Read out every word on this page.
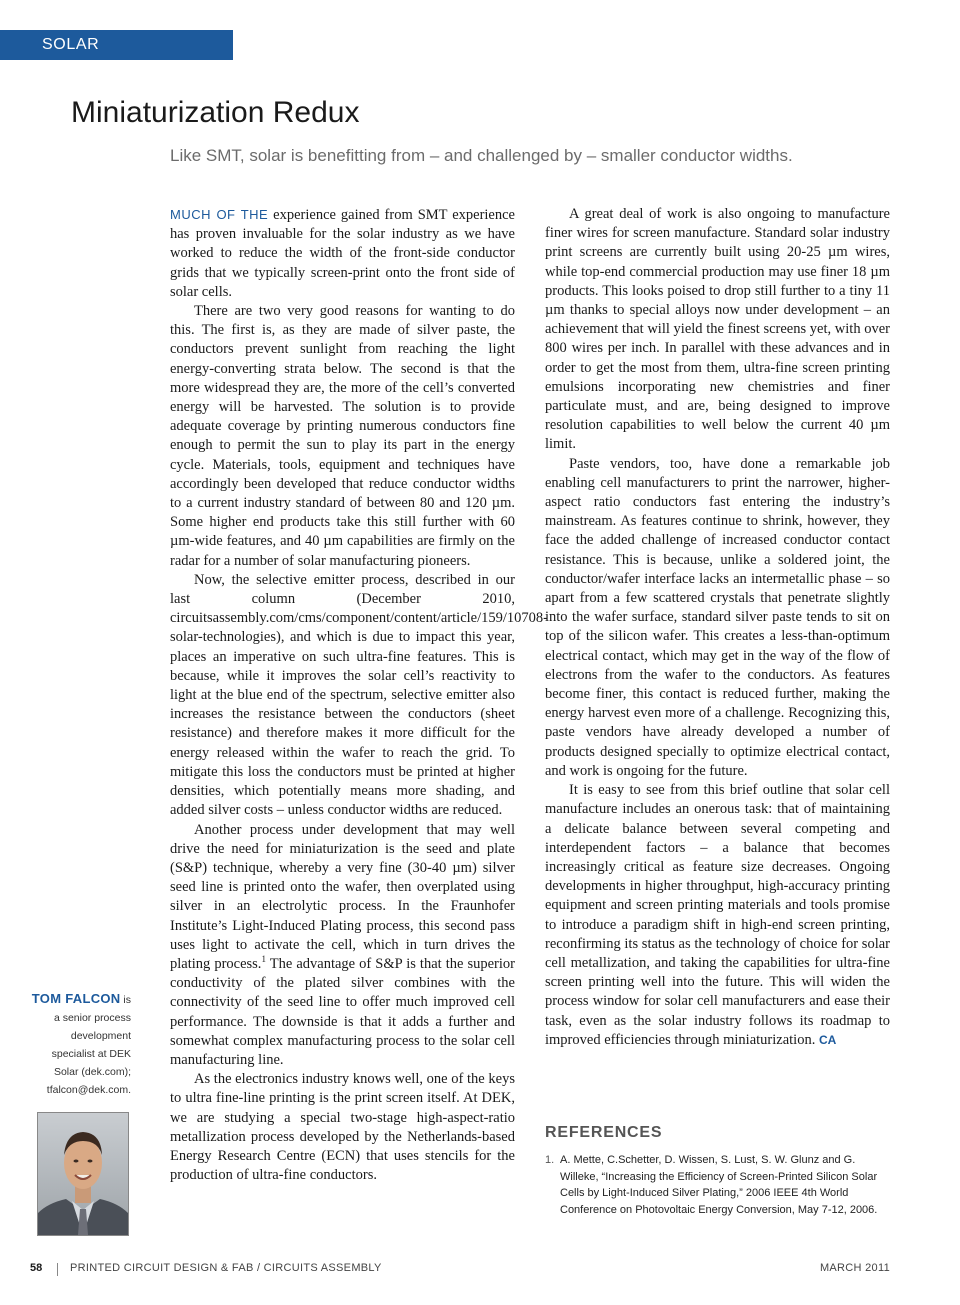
SOLAR TECHNOLOGIES
Miniaturization Redux
Like SMT, solar is benefitting from – and challenged by – smaller conductor widths.

MUCH OF THE experience gained from SMT experience has proven invaluable for the solar industry as we have worked to reduce the width of the front-side conductor grids that we typically screen-print onto the front side of solar cells.

There are two very good reasons for wanting to do this. The first is, as they are made of silver paste, the conductors prevent sunlight from reaching the light energy-converting strata below. The second is that the more widespread they are, the more of the cell’s converted energy will be harvested. The solution is to provide adequate coverage by printing numerous conductors fine enough to permit the sun to play its part in the energy cycle. Materials, tools, equipment and techniques have accordingly been developed that reduce conductor widths to a current industry standard of between 80 and 120 µm. Some higher end products take this still further with 60 µm-wide features, and 40 µm capabilities are firmly on the radar for a number of solar manufacturing pioneers.

Now, the selective emitter process, described in our last column (December 2010, circuitsassembly.com/cms/component/content/article/159/10708-solar-technologies), and which is due to impact this year, places an imperative on such ultra-fine features. This is because, while it improves the solar cell’s reactivity to light at the blue end of the spectrum, selective emitter also increases the resistance between the conductors (sheet resistance) and therefore makes it more difficult for the energy released within the wafer to reach the grid. To mitigate this loss the conductors must be printed at higher densities, which potentially means more shading, and added silver costs – unless conductor widths are reduced.

Another process under development that may well drive the need for miniaturization is the seed and plate (S&P) technique, whereby a very fine (30-40 µm) silver seed line is printed onto the wafer, then overplated using silver in an electrolytic process. In the Fraunhofer Institute’s Light-Induced Plating process, this second pass uses light to activate the cell, which in turn drives the plating process.$^1$ The advantage of S&P is that the superior conductivity of the plated silver combines with the connectivity of the seed line to offer much improved cell performance. The downside is that it adds a further and somewhat complex manufacturing process to the solar cell manufacturing line.

As the electronics industry knows well, one of the keys to ultra fine-line printing is the print screen itself. At DEK, we are studying a special two-stage high-aspect-ratio metallization process developed by the Netherlands-based Energy Research Centre (ECN) that uses stencils for the production of ultra-fine conductors.

A great deal of work is also ongoing to manufacture finer wires for screen manufacture. Standard solar industry print screens are currently built using 20-25 µm wires, while top-end commercial production may use finer 18 µm products. This looks poised to drop still further to a tiny 11 µm thanks to special alloys now under development – an achievement that will yield the finest screens yet, with over 800 wires per inch. In parallel with these advances and in order to get the most from them, ultra-fine screen printing emulsions incorporating new chemistries and finer particulate must, and are, being designed to improve resolution capabilities to well below the current 40 µm limit.

Paste vendors, too, have done a remarkable job enabling cell manufacturers to print the narrower, higher-aspect ratio conductors fast entering the industry’s mainstream. As features continue to shrink, however, they face the added challenge of increased conductor contact resistance. This is because, unlike a soldered joint, the conductor/wafer interface lacks an intermetallic phase – so apart from a few scattered crystals that penetrate slightly into the wafer surface, standard silver paste tends to sit on top of the silicon wafer. This creates a less-than-optimum electrical contact, which may get in the way of the flow of electrons from the wafer to the conductors. As features become finer, this contact is reduced further, making the energy harvest even more of a challenge. Recognizing this, paste vendors have already developed a number of products designed specially to optimize electrical contact, and work is ongoing for the future.

It is easy to see from this brief outline that solar cell manufacture includes an onerous task: that of maintaining a delicate balance between several competing and interdependent factors – a balance that becomes increasingly critical as feature size decreases. Ongoing developments in higher throughput, high-accuracy printing equipment and screen printing materials and tools promise to introduce a paradigm shift in high-end screen printing, reconfirming its status as the technology of choice for solar cell metallization, and taking the capabilities for ultra-fine screen printing well into the future. This will widen the process window for solar cell manufacturers and ease their task, even as the solar industry follows its roadmap to improved efficiencies through miniaturization. CA

TOM FALCON is
a senior process
development
specialist at DEK
Solar (dek.com);
tfalcon@dek.com.
REFERENCES
1. A. Mette, C.Schetter, D. Wissen, S. Lust, S. W. Glunz and G. Willeke, “Increasing the Efficiency of Screen-Printed Silicon Solar Cells by Light-Induced Silver Plating,” 2006 IEEE 4th World Conference on Photovoltaic Energy Conversion, May 7-12, 2006.
58	PRINTED CIRCUIT DESIGN & FAB / CIRCUITS ASSEMBLY	MARCH 2011
